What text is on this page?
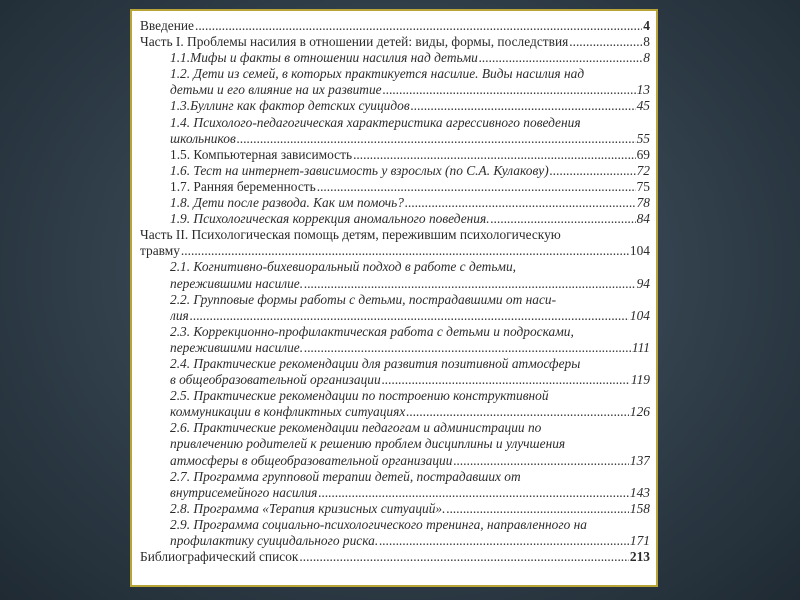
Введение .....	4
Часть I. Проблемы насилия в отношении детей: виды, формы, последствия .....	8
1.1.Мифы и факты в отношении насилия над детьми .....	8
1.2. Дети из семей, в которых практикуется насилие. Виды насилия над
детьми и его влияние на их развитие .....	13
1.3.Буллинг как фактор детских суицидов .....	45
1.4. Психолого-педагогическая характеристика агрессивного поведения
школьников .....	55
1.5. Компьютерная зависимость .....	69
1.6. Тест на интернет-зависимость у взрослых (по С.А. Кулакову) .....	72
1.7. Ранняя беременность .....	75
1.8. Дети после развода. Как им помочь? .....	78
1.9. Психологическая коррекция аномального поведения. .....	84
Часть II. Психологическая помощь детям, пережившим психологическую
травму .....	104
2.1. Когнитивно-бихевиоральный подход в работе с детьми,
пережившими насилие. .....	94
2.2. Групповые формы работы с детьми, пострадавшими от наси-
лия .....	104
2.3. Коррекционно-профилактическая работа с детьми и подросками,
пережившими насилие. .....	111
2.4. Практические рекомендации для развития позитивной атмосферы
в общеобразовательной организации .....	119
2.5. Практические рекомендации по построению конструктивной
коммуникации в конфликтных ситуациях .....	126
2.6. Практические рекомендации педагогам и администрации по
привлечению родителей к решению проблем дисциплины и улучшения
атмосферы в общеобразовательной организации .....	137
2.7. Программа групповой терапии детей, пострадавших от
внутрисемейного насилия .....	143
2.8. Программа «Терапия кризисных ситуаций». .....	158
2.9. Программа социально-психологического тренинга, направленного на
профилактику суицидального риска. .....	171
Библиографический список .....	213
